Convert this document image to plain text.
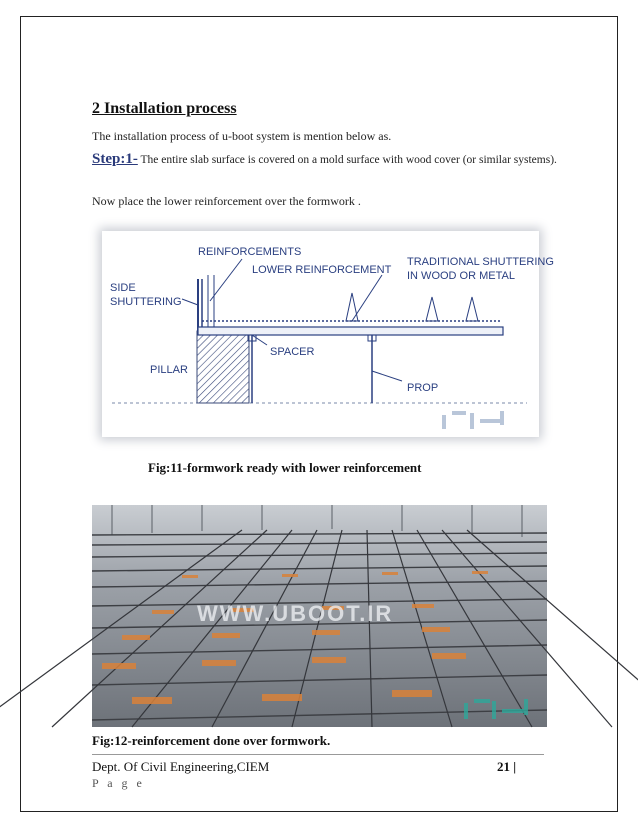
2 Installation process
The installation process of u-boot system is mention below as.
Step:1- The entire slab surface is covered on a mold surface with wood cover (or similar systems).
Now place the lower reinforcement over the formwork .
REINFORCEMENTS
LOWER REINFORCEMENT
TRADITIONAL SHUTTERING
IN WOOD OR METAL
SIDE
SHUTTERING
SPACER
PILLAR
PROP
Fig:11-formwork ready with lower reinforcement
WWW.UBOOT.IR
Fig:12-reinforcement done over formwork.
Dept. Of Civil Engineering,CIEM	21 |
P a g e
